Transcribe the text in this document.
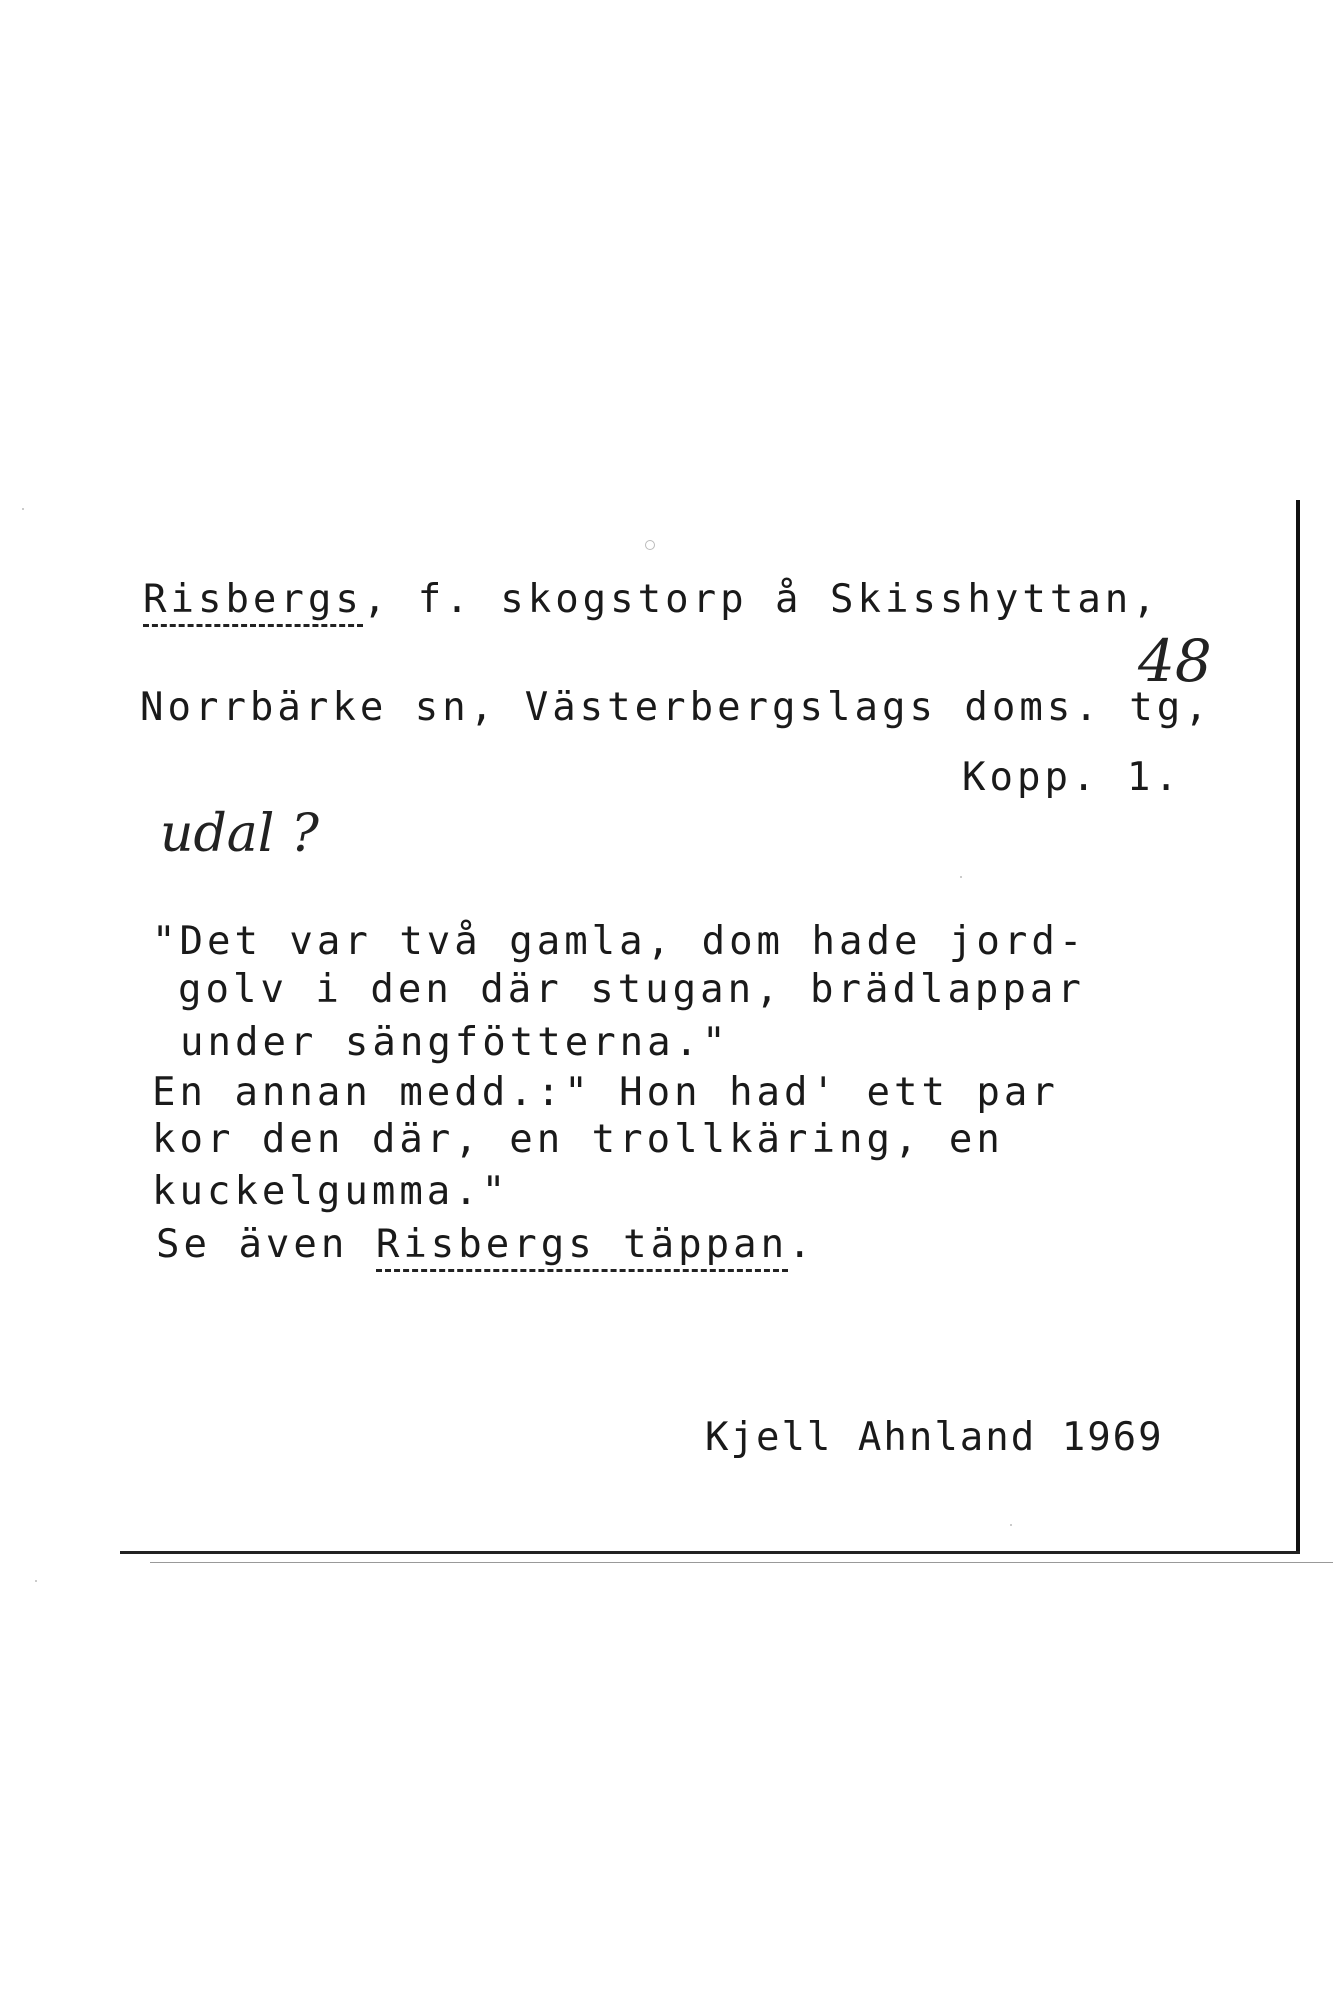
Risbergs, f. skogstorp å Skisshyttan,
Norrbärke sn, Västerbergslags doms. tg,
Kopp. 1.
48
udal ?
"Det var två gamla, dom hade jord-
golv i den där stugan, brädlappar
under sängfötterna."
En annan medd.:" Hon had' ett par
kor den där, en trollkäring, en
kuckelgumma."
Se även Risbergs täppan.
Kjell Ahnland 1969
